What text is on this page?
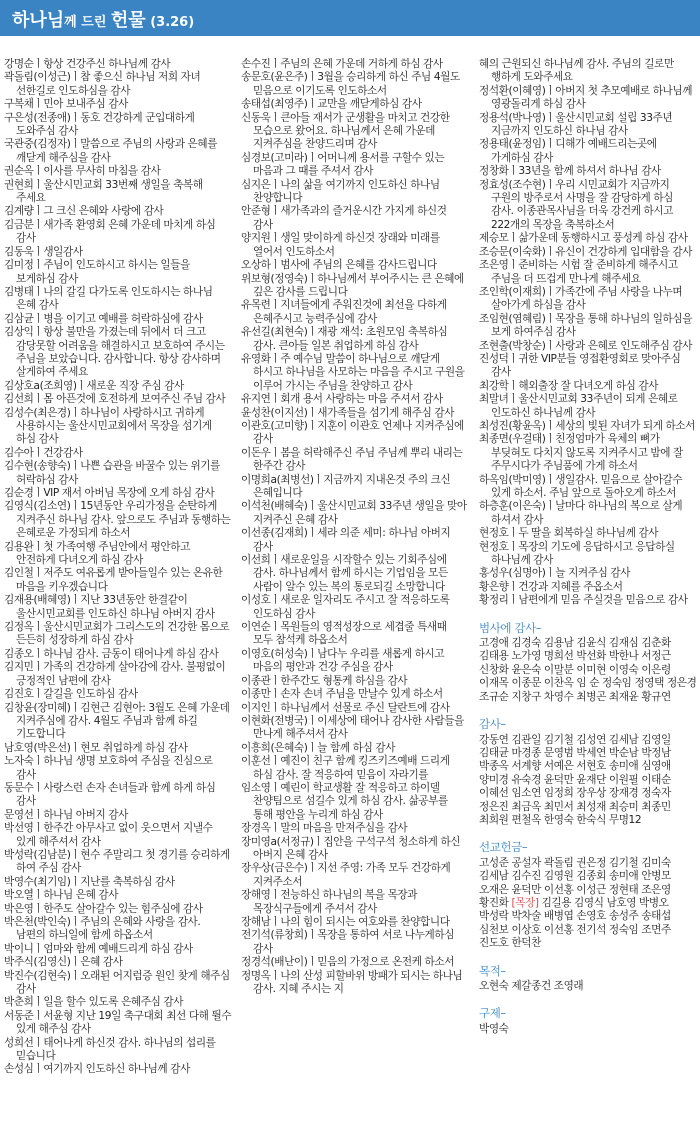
하나님께 드린 헌물 (3.26)
강명순ㅣ항상 건강주신 하나님께 감사
곽돌림(이성근)ㅣ참 좋으신 하나님 저희 자녀 선한길로 인도하심을 감사
구복채ㅣ민아 보내주심 감사
구은성(전종애)ㅣ동호 건강하게 군입대하게 도와주심 감사
국관중(김정자)ㅣ말씀으로 주님의 사랑과 은혜를 깨닫게 해주심을 감사
권순옥ㅣ이사를 무사히 마침을 감사
권현희ㅣ울산시민교회 33번째 생일을 축복해 주세요
김계량ㅣ그 크신 은혜와 사랑에 감사
김금분ㅣ새가족 환영회 은혜 가운데 마치게 하심 감사
김동욱ㅣ생일감사
김미정ㅣ주님이 인도하시고 하시는 일들을 보게하심 감사
김병태ㅣ나의 갈길 다가도록 인도하시는 하나님 은혜 감사
김삼균ㅣ병을 이기고 예배를 허락하심에 감사
김상익ㅣ항상 불만을 가졌는데 뒤에서 더 크고 감당못할 어려움을 해결하시고 보호하여 주시는 주님을 보았습니다. 감사합니다. 항상 감사하며 살게하여 주세요
김상호a(조희영)ㅣ새로운 직장 주심 감사
김선희ㅣ몸 아픈것에 호전하게 보여주신 주님 감사
김성수(최은경)ㅣ하나님이 사랑하시고 귀하게 사용하시는 울산시민교회에서 목장을 섬기게 하심 감사
김수아ㅣ건강감사
김수현(송향숙)ㅣ나쁜 습관을 바꿀수 있는 위기를 허락하심 감사
김순경ㅣVIP 재서 아버님 목장에 오게 하심 감사
김영식(김소연)ㅣ15년동안 우리가정을 순탄하게 지켜주신 하나님 감사. 앞으로도 주님과 동행하는 은혜로운 가정되게 하소서
김용완ㅣ첫 가족여행 주님안에서 평안하고 안전하게 다녀오게 하심 감사
김인철ㅣ저주도 여유롭게 받아들일수 있는 온유한 마음을 키우겠습니다
김재용(배혜영)ㅣ지난 33년동안 한결같이 울산시민교회를 인도하신 하나님 아버지 감사
김정옥ㅣ울산시민교회가 그리스도의 건강한 몸으로 든든히 성장하게 하심 감사
김종오ㅣ하나님 감사. 금동이 태어나게 하심 감사
김지민ㅣ가족의 건강하게 살아감에 감사. 불평없이 긍정적인 남편에 감사
김진호ㅣ갈길을 인도하심 감사
김창윤(장미혜)ㅣ김현근 김현아: 3월도 은혜 가운데 지켜주심에 감사. 4월도 주님과 함께 하길 기도합니다
남호영(박은선)ㅣ현모 취업하게 하심 감사
노자숙ㅣ하나님 생명 보호하여 주심을 진심으로 감사
동문수ㅣ사랑스런 손자 손녀들과 함께 하게 하심 감사
문영선ㅣ하나님 아버지 감사
박선영ㅣ한주간 아무사고 없이 웃으면서 지낼수 있게 해주셔서 감사
박성락(김남분)ㅣ현수 주말리그 첫 경기를 승리하게 하여 주심 감사
박영수(최기임)ㅣ지난를 축복하심 감사
박오열ㅣ하나님 은혜 감사
박은영ㅣ한주도 살아갈수 있는 힘주심에 감사
박은천(박인숙)ㅣ주님의 은혜와 사랑을 감사. 남편의 하늬일에 함께 하옵소서
박이니ㅣ엄마와 함께 예배드리게 하심 감사
박주식(김영신)ㅣ은혜 감사
박진수(김현숙)ㅣ오래된 어지럼증 원인 찾게 해주심 감사
박춘희ㅣ일을 할수 있도록 은혜주심 감사
서동준ㅣ서윤형 지난 19일 축구대회 최선 다해 뛸수 있게 해주심 감사
성희선ㅣ태어나게 하신것 감사. 하나님의 섭리를 믿습니다
손성심ㅣ여기까지 인도하신 하나님께 감사
손수진ㅣ주님의 은혜 가운데 거하게 하심 감사
송문호(윤은주)ㅣ3월을 승리하게 하신 주님 4월도 믿음으로 이기도록 인도하소서
송태섭(최영주)ㅣ교만을 깨닫게하심 감사
신동욱ㅣ큰아들 재서가 군생활을 마치고 건강한 모습으로 왔어요. 하나님께서 은혜 가운데 지켜주심을 찬양드리며 감사
심경보(고미라)ㅣ어머니께 용서를 구할수 있는 마음과 그 때를 주셔서 감사
심지은ㅣ나의 삶을 여기까지 인도하신 하나님 찬양합니다
안준형ㅣ새가족과의 즐거운시간 가지게 하신것 감사
양지원ㅣ생일 맞이하게 하신것 장래와 미래를 열어서 인도하소서
오상하ㅣ범사에 주님의 은혜를 감사드립니다
위보형(정영숙)ㅣ하나님께서 부어주시는 큰 은혜에 깊은 감사를 드립니다
유목련ㅣ지녀들에게 주워진것에 최선을 다하게 은혜주시고 능력주심에 감사
유선길(최현숙)ㅣ재광 재석: 초원모임 축복하심 감사. 큰아들 일본 취업하게 하심 감사
유영화ㅣ주 예수님 말씀이 하나님으로 깨닫게 하시고 하나님을 사모하는 마음을 주시고 구원을 이루어 가시는 주님을 찬양하고 감사
유지연ㅣ회개 용서 사랑하는 마음 주셔서 감사
윤성찬(이지선)ㅣ새가족들을 섬기게 해주심 감사
이관호(고미향)ㅣ지훈이 이관호 언제나 지켜주심에 감사
이돈우ㅣ봄을 허락해주신 주님 주님께 뿌리 내리는 한주간 감사
이명희a(최병선)ㅣ지금까지 지내온것 주의 크신 은혜입니다
이석천(배혜숙)ㅣ울산시민교회 33주년 생일을 맞아 지켜주신 은혜 감사
이선종(김재희)ㅣ세라 의준 세미: 하나님 아버지 감사
이선희ㅣ새로운일을 시작할수 있는 기회주심에 감사. 하나님께서 함께 하시는 기업임을 모든 사람이 알수 있는 복의 통로되길 소망합니다
이성호ㅣ새로운 일자리도 주시고 잘 적응하도록 인도하심 감사
이연순ㅣ목원들의 영적성장으로 세겹줄 특새때 모두 참석케 하옵소서
이영호(허성숙)ㅣ남다누 우리를 새롭게 하시고 마음의 평안과 건강 주심을 감사
이종관ㅣ한주간도 형통케 하심을 감사
이종만ㅣ손자 손녀 주님을 만날수 있게 하소서
이지인ㅣ하나님께서 선물로 주신 달란트에 감사
이현화(전병국)ㅣ이세상에 태어나 감사한 사람들을 만나게 해주셔서 감사
이흥희(은혜숙)ㅣ늘 함께 하심 감사
이훈선ㅣ예진이 친구 함께 킹즈키즈예배 드리게 하심 감사. 잘 적응하여 믿음이 자라기를
임소영ㅣ예린이 학교생활 잘 적응하고 하이델 찬양팀으로 섬길수 있게 하심 감사. 삶공부를 통해 평안을 누리게 하심 감사
장경옥ㅣ말의 마음을 만져주심을 감사
장미영a(서정규)ㅣ집안을 구석구석 청소하게 하신 아버지 은혜 감사
장우상(금은수)ㅣ지선 주영: 가족 모두 건강하게 지켜주소서
장해영ㅣ전능하신 하나님의 복을 목장과 목장식구들에게 주셔서 감사
장해남ㅣ나의 힘이 되시는 여호와를 찬양합니다
전기석(류창희)ㅣ목장을 통하여 서로 나누게하심 감사
정경석(배난이)ㅣ믿음의 가정으로 온전케 하소서
정명옥ㅣ나의 산성 피할바위 방패가 되시는 하나님 감사. 지혜 주시는 지
혜의 근원되신 하나님께 감사. 주님의 길로만 행하게 도와주세요
정석환(이혜영)ㅣ아버지 첫 추모예배로 하나님께 영광돌리게 하심 감사
정용석(박나영)ㅣ울산시민교회 설립 33주년 지금까지 인도하신 하나님 감사
정용태(윤정임)ㅣ디해가 예배드리는곳에 가게하심 감사
정창화ㅣ33년을 함께 하셔서 하나님 감사
정효성(조수현)ㅣ우리 시민교회가 지금까지 구원의 방주로서 사명을 잘 감당하게 하심 감사. 이종관목사님을 더욱 강건케 하시고 222개의 목장을 축복하소서
제승모ㅣ삶가운데 동행하시고 풍성케 하심 감사
조승문(이숙화)ㅣ유신이 건강하게 입대함을 감사
조은영ㅣ준비하는 시험 잘 준비하게 해주시고 주님을 더 뜨겁게 만나게 해주세요
조인학(이재희)ㅣ가족간에 주님 사랑을 나누며 살아가게 하심을 감사
조임현(염혜림)ㅣ목장을 통해 하나님의 일하심을 보게 하여주심 감사
조현출(박창순)ㅣ사랑과 은혜로 인도해주심 감사
진성덕ㅣ귀한 VIP분들 영접환영회로 맞아주심 감사
최강학ㅣ해외출장 잘 다녀오게 하심 감사
최말녀ㅣ울산시민교회 33주년이 되게 은혜로 인도하신 하나님께 감사
최성진(황윤옥)ㅣ세상의 빛된 자녀가 되게 하소서
최종면(우걸태)ㅣ친정엄마가 육체의 뼈가 부딪혀도 다치지 않도록 지켜주시고 밤에 잘 주무시다가 주님품에 가게 하소서
하옥임(박미영)ㅣ생일감사. 믿음으로 살아갈수 있게 하소서. 주님 앞으로 돌아오게 하소서
하층훈(이은숙)ㅣ날마다 하나님의 복으로 살게 하셔서 감사
현정호ㅣ두 딸을 회복하실 하나님께 감사
현정호ㅣ목장의 기도에 응답하시고 응답하실 하나님께 감사
홍성우(심명아)ㅣ늘 지켜주심 감사
황은향ㅣ건강과 지혜를 주옵소서
황정리ㅣ남편에게 믿음 주실것을 믿음으로 감사
범사에 감사–
고경애 김경숙 김용남 김윤식 김재심 김춘화 김태용 노가영 명희선 박선화 박한나 서정근 신창화 윤은숙 이말분 이미현 이영숙 이은령 이재목 이종문 이찬옥 임 순 정숙임 정영택 정은경 조규순 지창구 차영수 최병곤 최재윤 황규연
감사–
강동연 김관일 김기철 김성연 김세남 김영일 김태균 마경종 문영범 박세연 박순남 박정남 박종옥 서계향 서예은 서현호 송미애 심영애 양미경 유숙경 윤덕만 윤재단 이원필 이태순 이혜선 임소연 임정희 장우상 장재경 정숙자 정은진 최금옥 최민서 최성재 최승미 최종민 최희원 편철옥 한영숙 한숙식 무명12
선교헌금–
고성준 공설자 곽돌림 권은정 김기철 김미숙 김세남 김수진 김영원 김종회 송미애 안병모 오재은 윤덕만 이선홍 이성근 정현태 조은영 황진화 [목장] 김길용 김영식 남호영 박병오 박성락 박차술 배병엽 손영호 송성주 송태섭 심천보 이상호 이선홍 전기석 정숙임 조면주 진도호 한덕찬
목적–
오현숙 제갈종건 조영래
구제–
박영숙
